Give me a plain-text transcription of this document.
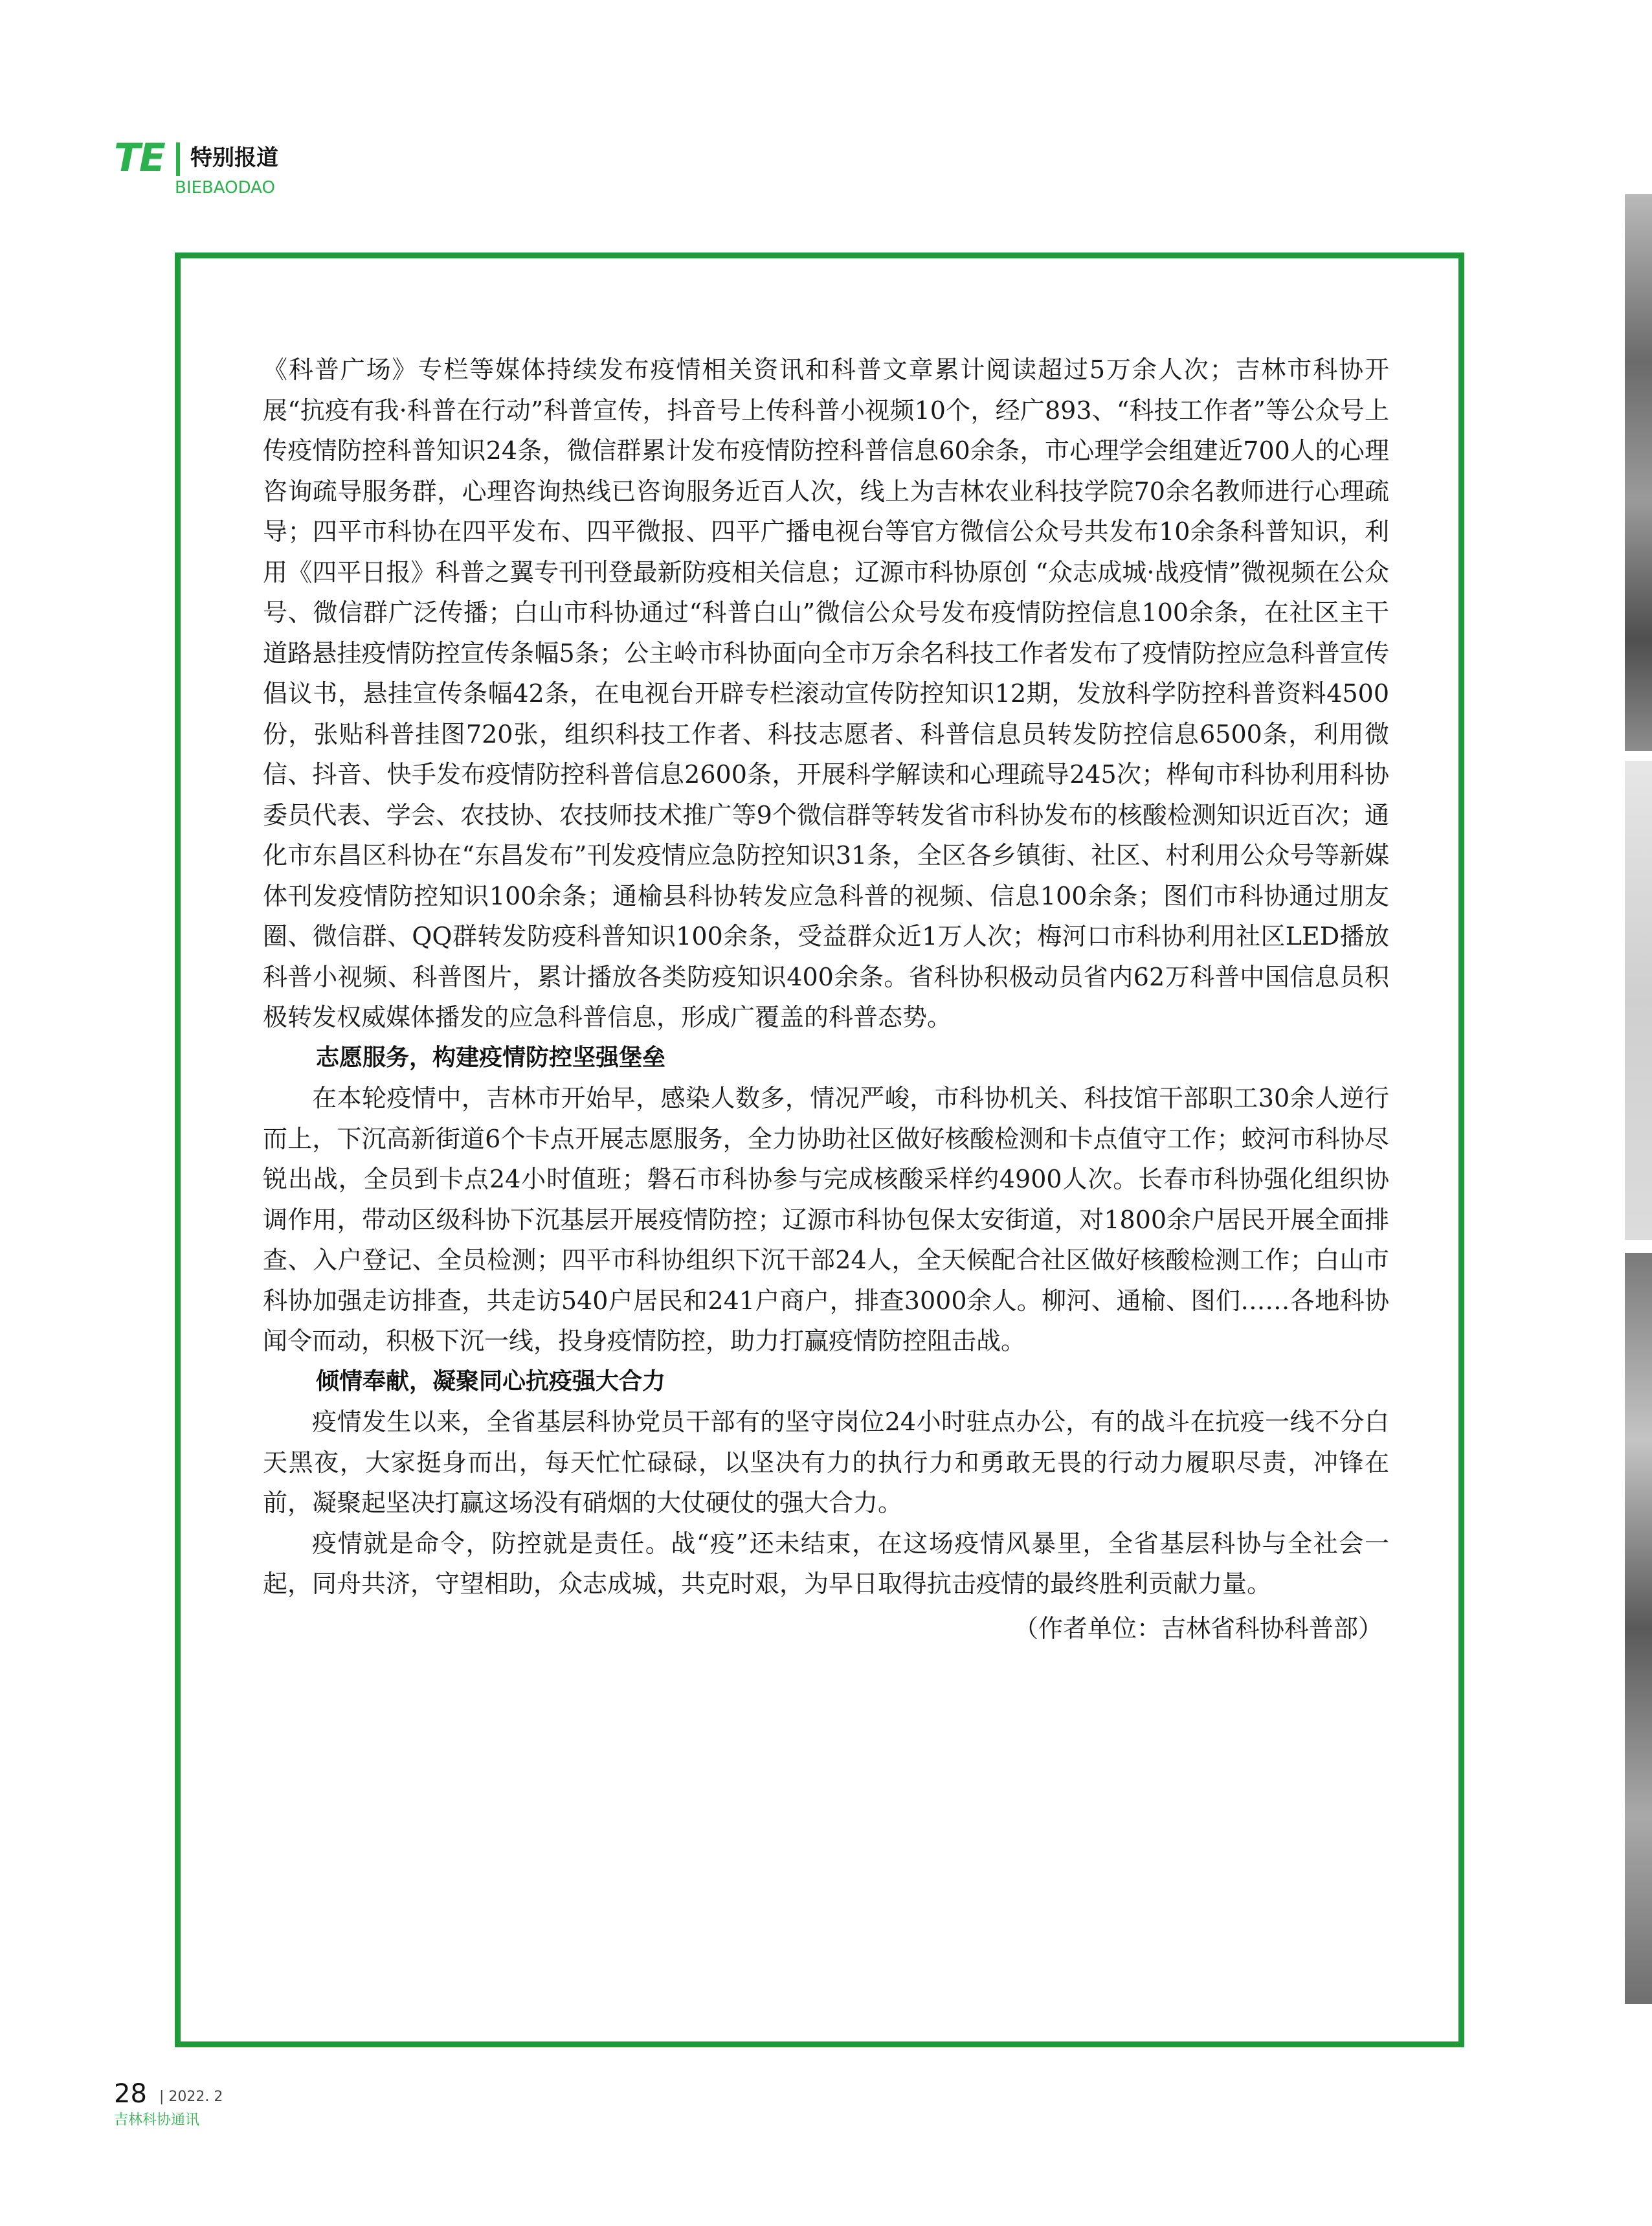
TE 特别报道
BIEBAODAO

《科普广场》专栏等媒体持续发布疫情相关资讯和科普文章累计阅读超过5万余人次；吉林市科协开展“抗疫有我·科普在行动”科普宣传，抖音号上传科普小视频10个，经广893、“科技工作者”等公众号上传疫情防控科普知识24条，微信群累计发布疫情防控科普信息60余条，市心理学会组建近700人的心理咨询疏导服务群，心理咨询热线已咨询服务近百人次，线上为吉林农业科技学院70余名教师进行心理疏导；四平市科协在四平发布、四平微报、四平广播电视台等官方微信公众号共发布10余条科普知识，利用《四平日报》科普之翼专刊刊登最新防疫相关信息；辽源市科协原创 “众志成城·战疫情”微视频在公众号、微信群广泛传播；白山市科协通过“科普白山”微信公众号发布疫情防控信息100余条，在社区主干道路悬挂疫情防控宣传条幅5条；公主岭市科协面向全市万余名科技工作者发布了疫情防控应急科普宣传倡议书，悬挂宣传条幅42条，在电视台开辟专栏滚动宣传防控知识12期，发放科学防控科普资料4500份，张贴科普挂图720张，组织科技工作者、科技志愿者、科普信息员转发防控信息6500条，利用微信、抖音、快手发布疫情防控科普信息2600条，开展科学解读和心理疏导245次；桦甸市科协利用科协委员代表、学会、农技协、农技师技术推广等9个微信群等转发省市科协发布的核酸检测知识近百次；通化市东昌区科协在“东昌发布”刊发疫情应急防控知识31条，全区各乡镇街、社区、村利用公众号等新媒体刊发疫情防控知识100余条；通榆县科协转发应急科普的视频、信息100余条；图们市科协通过朋友圈、微信群、QQ群转发防疫科普知识100余条，受益群众近1万人次；梅河口市科协利用社区LED播放科普小视频、科普图片，累计播放各类防疫知识400余条。省科协积极动员省内62万科普中国信息员积极转发权威媒体播发的应急科普信息，形成广覆盖的科普态势。

志愿服务，构建疫情防控坚强堡垒

在本轮疫情中，吉林市开始早，感染人数多，情况严峻，市科协机关、科技馆干部职工30余人逆行而上，下沉高新街道6个卡点开展志愿服务，全力协助社区做好核酸检测和卡点值守工作；蛟河市科协尽锐出战，全员到卡点24小时值班；磐石市科协参与完成核酸采样约4900人次。长春市科协强化组织协调作用，带动区级科协下沉基层开展疫情防控；辽源市科协包保太安街道，对1800余户居民开展全面排查、入户登记、全员检测；四平市科协组织下沉干部24人，全天候配合社区做好核酸检测工作；白山市科协加强走访排查，共走访540户居民和241户商户，排查3000余人。柳河、通榆、图们……各地科协闻令而动，积极下沉一线，投身疫情防控，助力打赢疫情防控阻击战。

倾情奉献，凝聚同心抗疫强大合力

疫情发生以来，全省基层科协党员干部有的坚守岗位24小时驻点办公，有的战斗在抗疫一线不分白天黑夜，大家挺身而出，每天忙忙碌碌，以坚决有力的执行力和勇敢无畏的行动力履职尽责，冲锋在前，凝聚起坚决打赢这场没有硝烟的大仗硬仗的强大合力。

疫情就是命令，防控就是责任。战“疫”还未结束，在这场疫情风暴里，全省基层科协与全社会一起，同舟共济，守望相助，众志成城，共克时艰，为早日取得抗击疫情的最终胜利贡献力量。

（作者单位：吉林省科协科普部）

28 | 2022. 2
吉林科协通讯
